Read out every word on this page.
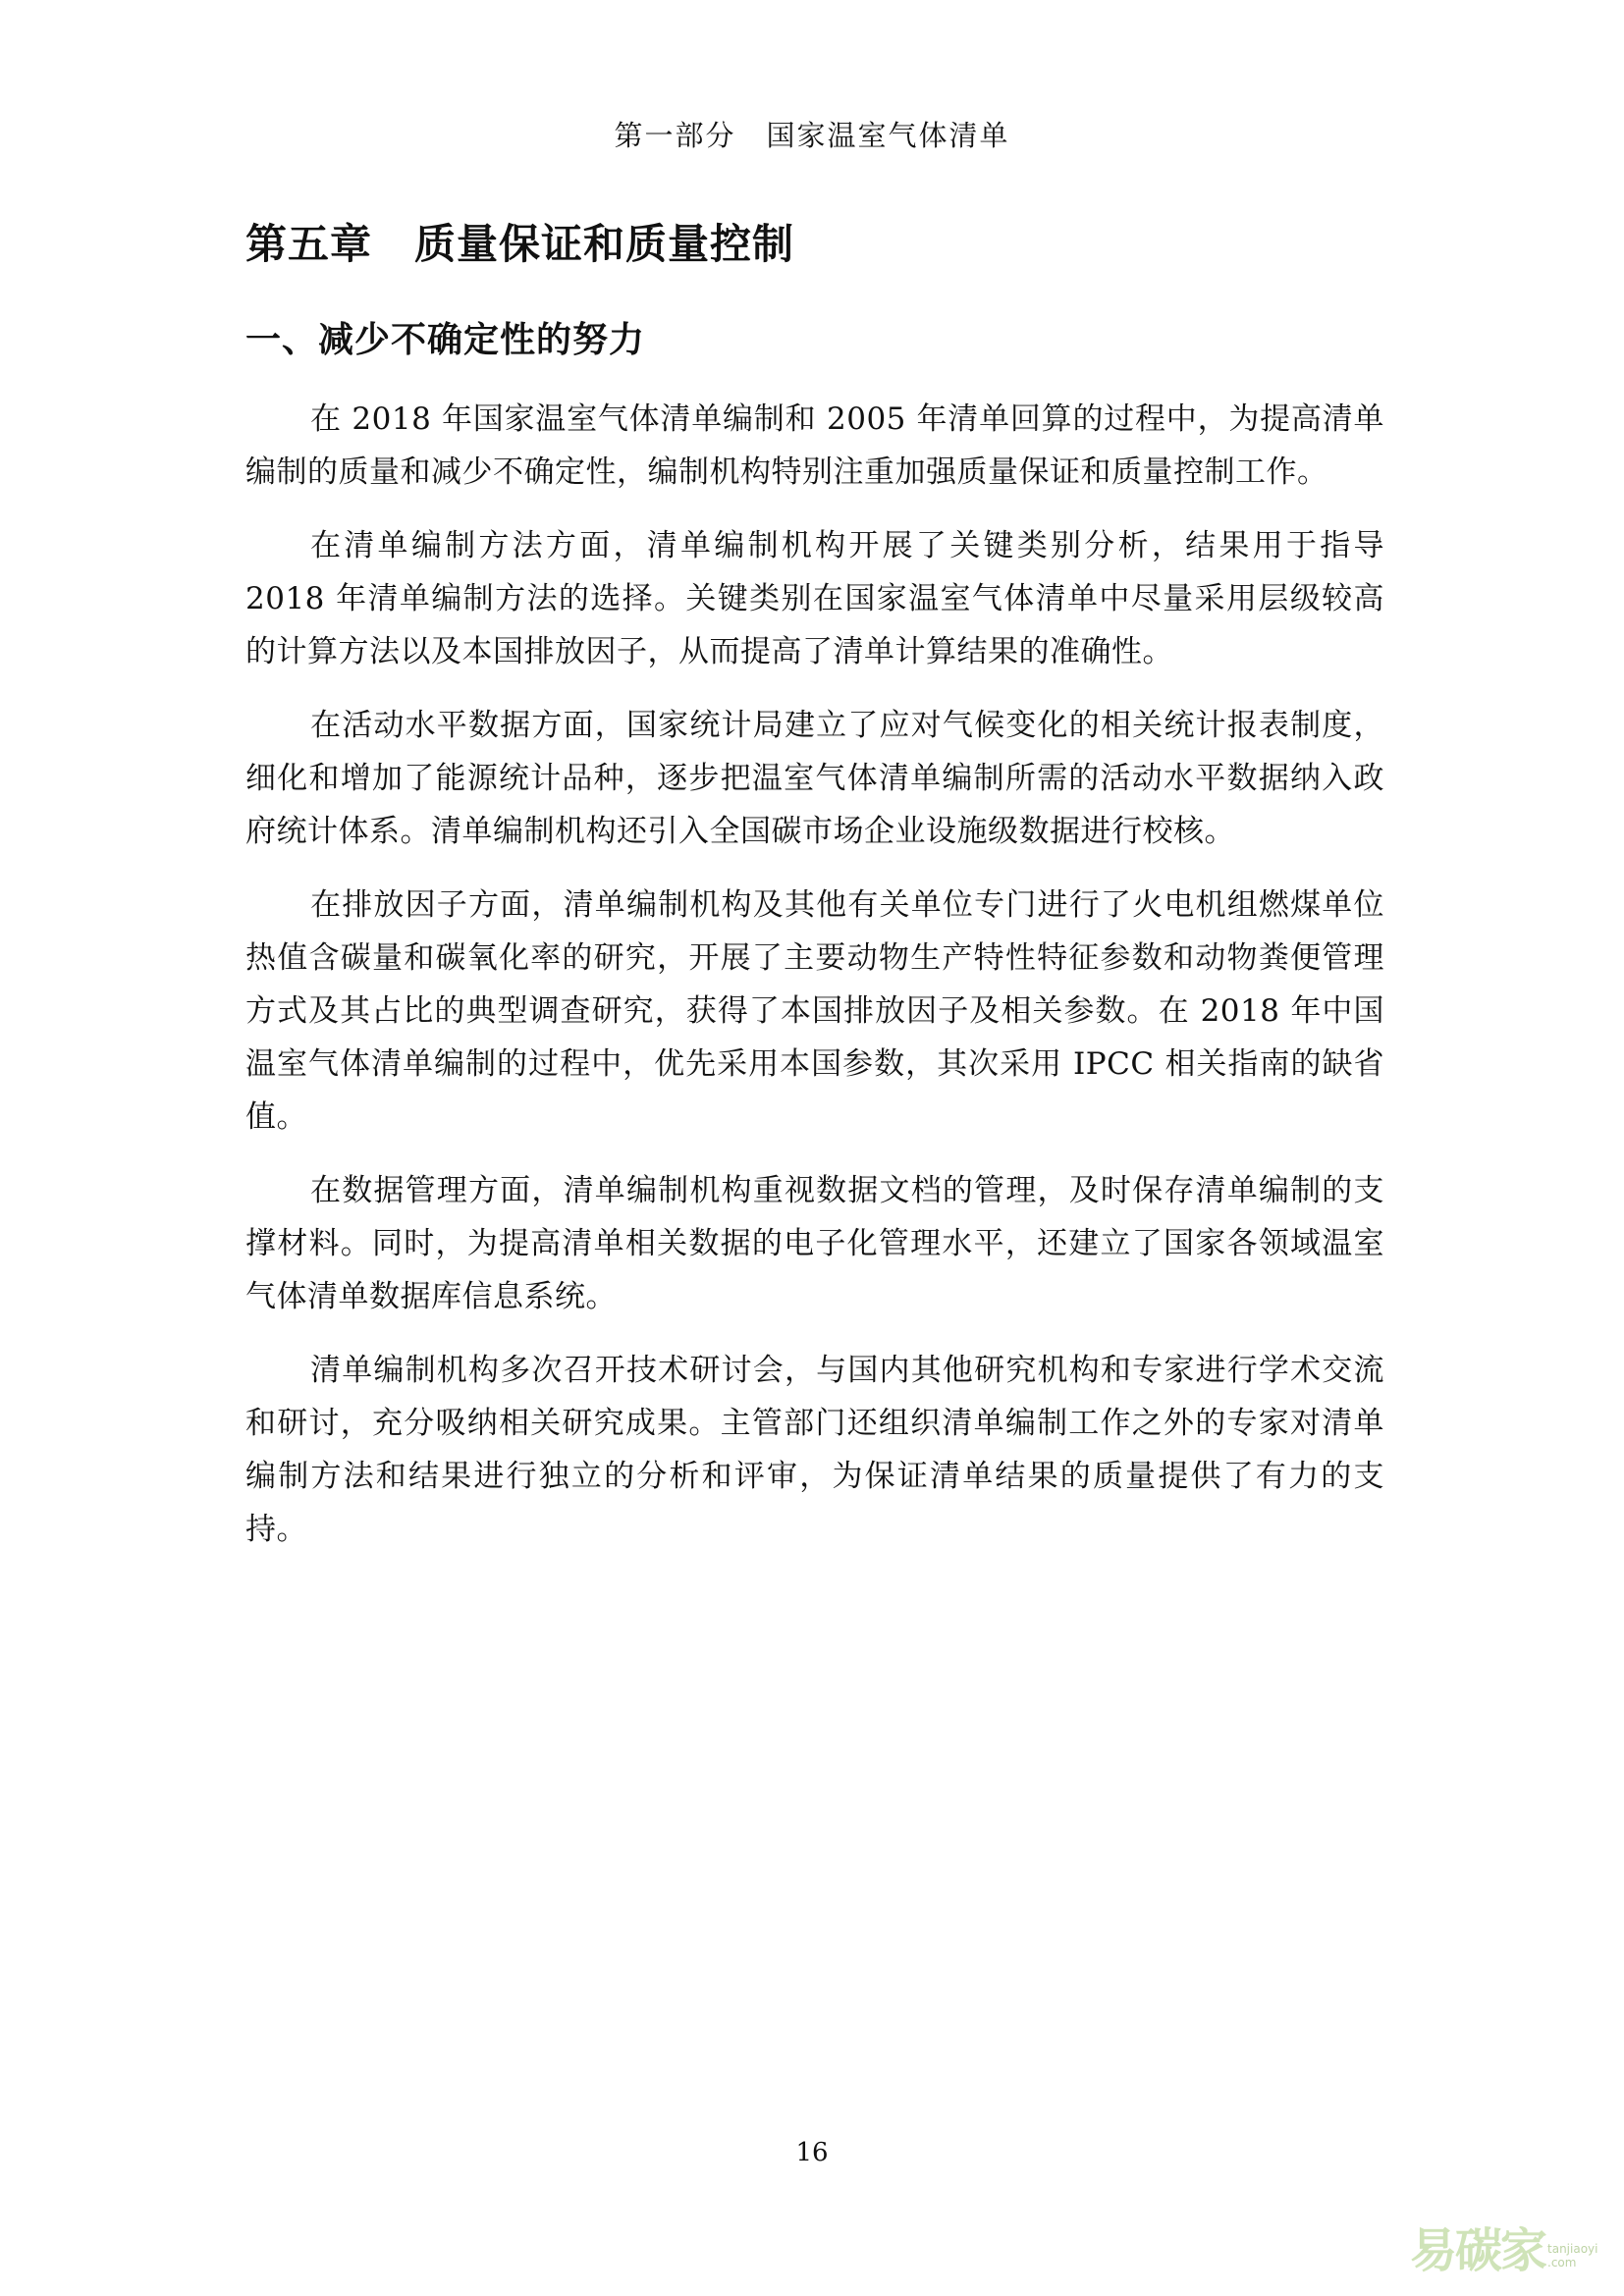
第一部分　国家温室气体清单
第五章　质量保证和质量控制
一、减少不确定性的努力

在 2018 年国家温室气体清单编制和 2005 年清单回算的过程中，为提高清单编制的质量和减少不确定性，编制机构特别注重加强质量保证和质量控制工作。

在清单编制方法方面，清单编制机构开展了关键类别分析，结果用于指导 2018 年清单编制方法的选择。关键类别在国家温室气体清单中尽量采用层级较高的计算方法以及本国排放因子，从而提高了清单计算结果的准确性。

在活动水平数据方面，国家统计局建立了应对气候变化的相关统计报表制度，细化和增加了能源统计品种，逐步把温室气体清单编制所需的活动水平数据纳入政府统计体系。清单编制机构还引入全国碳市场企业设施级数据进行校核。

在排放因子方面，清单编制机构及其他有关单位专门进行了火电机组燃煤单位热值含碳量和碳氧化率的研究，开展了主要动物生产特性特征参数和动物粪便管理方式及其占比的典型调查研究，获得了本国排放因子及相关参数。在 2018 年中国温室气体清单编制的过程中，优先采用本国参数，其次采用 IPCC 相关指南的缺省值。

在数据管理方面，清单编制机构重视数据文档的管理，及时保存清单编制的支撑材料。同时，为提高清单相关数据的电子化管理水平，还建立了国家各领域温室气体清单数据库信息系统。

清单编制机构多次召开技术研讨会，与国内其他研究机构和专家进行学术交流和研讨，充分吸纳相关研究成果。主管部门还组织清单编制工作之外的专家对清单编制方法和结果进行独立的分析和评审，为保证清单结果的质量提供了有力的支持。

16
易碳家 tanjiaoyi
.com
